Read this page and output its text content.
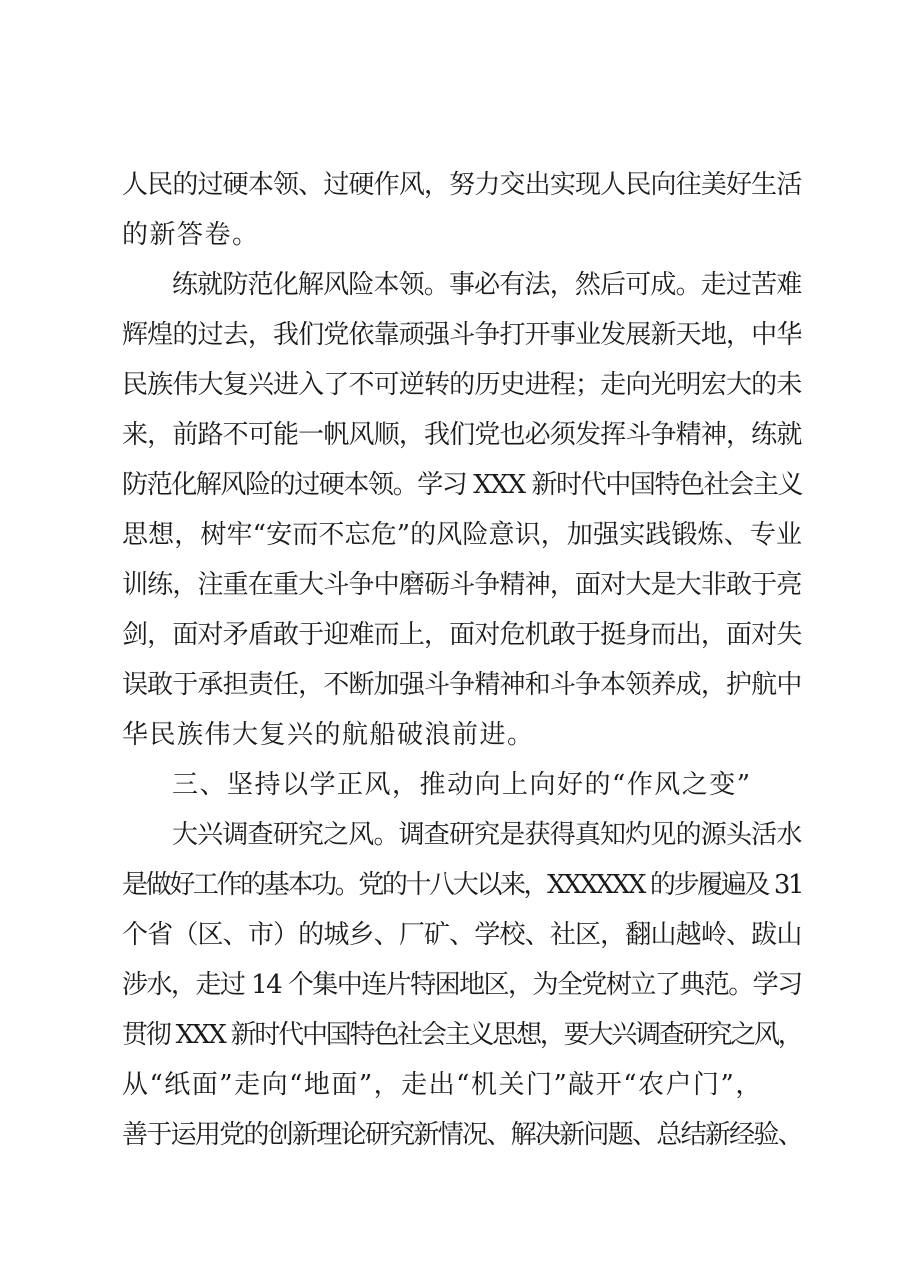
人民的过硬本领、过硬作风，努力交出实现人民向往美好生活
的新答卷。
练就防范化解风险本领。事必有法，然后可成。走过苦难
辉煌的过去，我们党依靠顽强斗争打开事业发展新天地，中华
民族伟大复兴进入了不可逆转的历史进程；走向光明宏大的未
来，前路不可能一帆风顺，我们党也必须发挥斗争精神，练就
防范化解风险的过硬本领。学习 XXX 新时代中国特色社会主义
思想，树牢“安而不忘危”的风险意识，加强实践锻炼、专业
训练，注重在重大斗争中磨砺斗争精神，面对大是大非敢于亮
剑，面对矛盾敢于迎难而上，面对危机敢于挺身而出，面对失
误敢于承担责任，不断加强斗争精神和斗争本领养成，护航中
华民族伟大复兴的航船破浪前进。
三、坚持以学正风，推动向上向好的“作风之变”
大兴调查研究之风。调查研究是获得真知灼见的源头活水
是做好工作的基本功。党的十八大以来，XXXXXX 的步履遍及 31
个省（区、市）的城乡、厂矿、学校、社区，翻山越岭、跋山
涉水，走过 14 个集中连片特困地区，为全党树立了典范。学习
贯彻 XXX 新时代中国特色社会主义思想，要大兴调查研究之风，
从“纸面”走向“地面”，走出“机关门”敲开“农户门”，
善于运用党的创新理论研究新情况、解决新问题、总结新经验、
